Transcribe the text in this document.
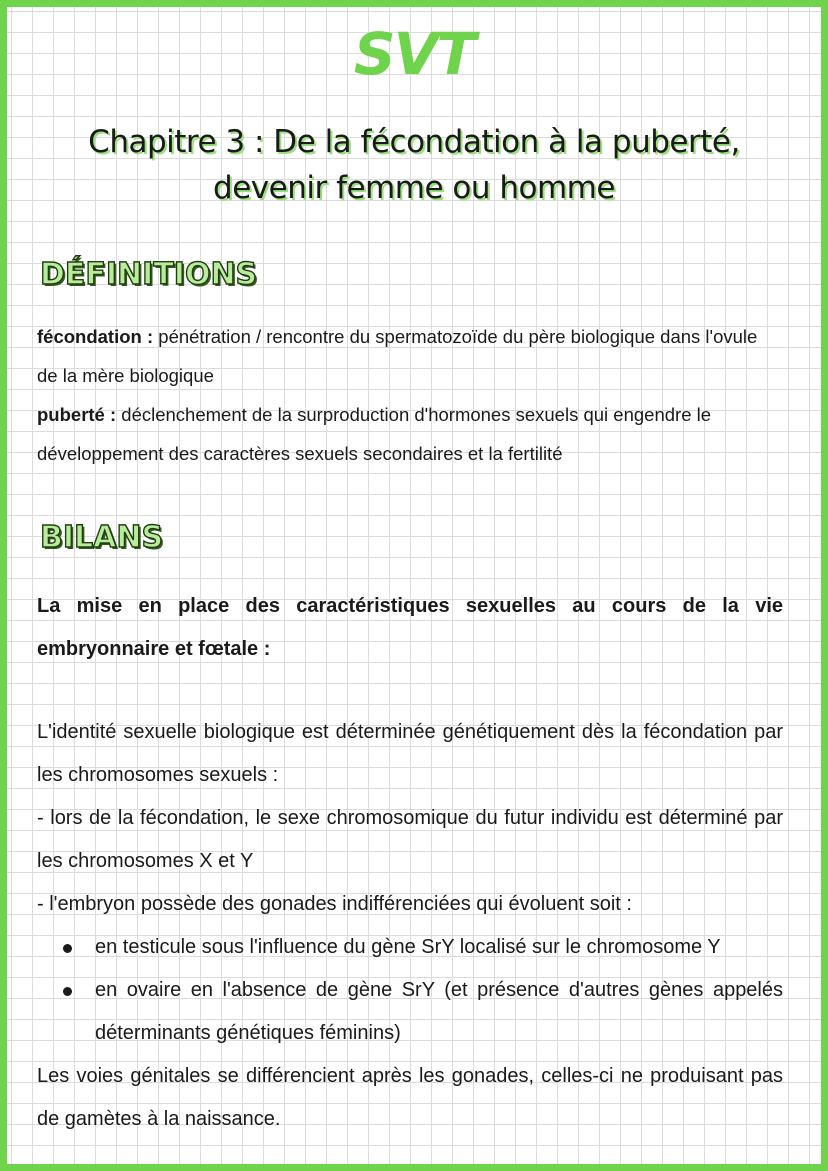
SVT
Chapitre 3 : De la fécondation à la puberté, devenir femme ou homme
DÉFINITIONS
fécondation : pénétration / rencontre du spermatozoïde du père biologique dans l'ovule de la mère biologique
puberté : déclenchement de la surproduction d'hormones sexuels qui engendre le développement des caractères sexuels secondaires et la fertilité
BILANS
La mise en place des caractéristiques sexuelles au cours de la vie embryonnaire et fœtale :

L'identité sexuelle biologique est déterminée génétiquement dès la fécondation par les chromosomes sexuels :

- lors de la fécondation, le sexe chromosomique du futur individu est déterminé par les chromosomes X et Y

- l'embryon possède des gonades indifférenciées qui évoluent soit :

en testicule sous l'influence du gène SrY localisé sur le chromosome Y
en ovaire en l'absence de gène SrY (et présence d'autres gènes appelés déterminants génétiques féminins)

Les voies génitales se différencient après les gonades, celles-ci ne produisant pas de gamètes à la naissance.
